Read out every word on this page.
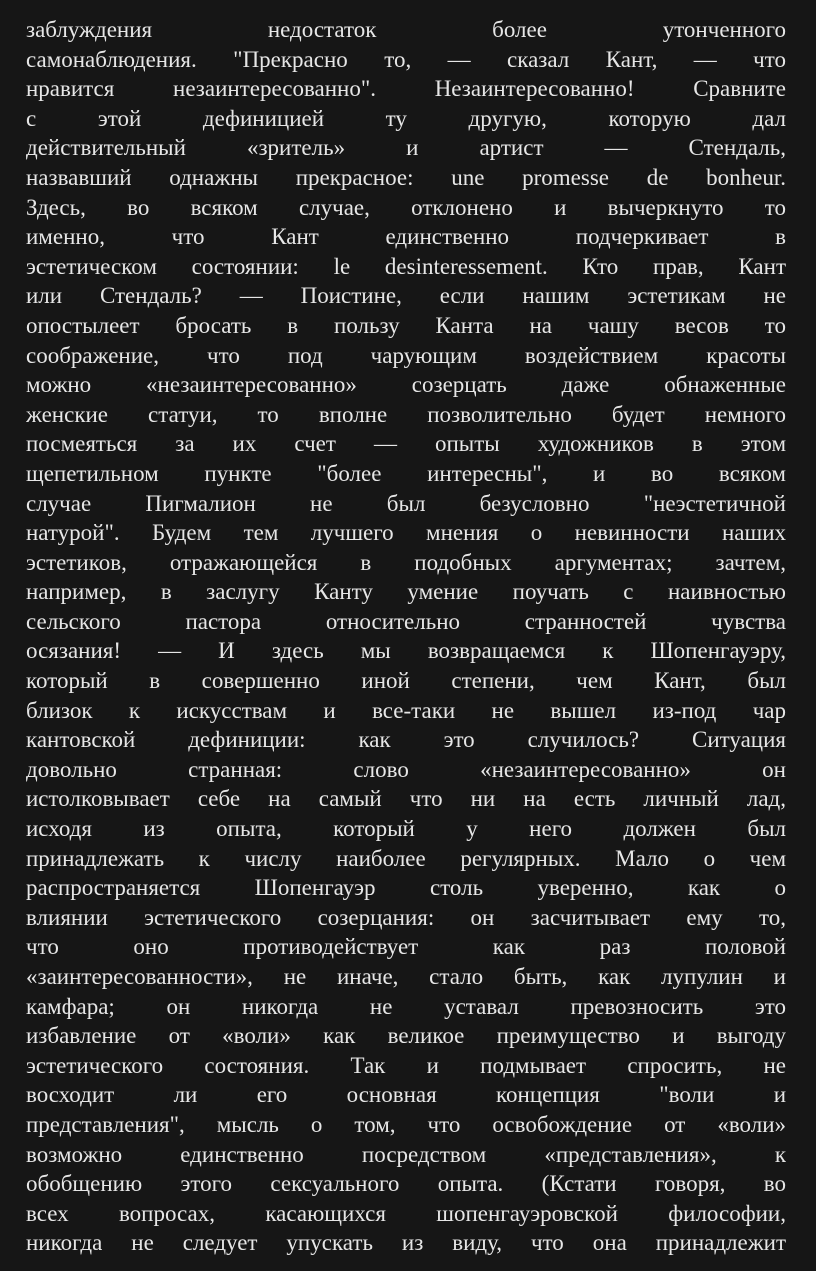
заблуждения недостаток более утонченного
самонаблюдения. "Прекрасно то, — сказал Кант, — что
нравится незаинтересованно". Незаинтересованно! Сравните
с этой дефиницией ту другую, которую дал
действительный «зритель» и артист — Стендаль,
назвавший однажны прекрасное: une promesse de bonheur.
Здесь, во всяком случае, отклонено и вычеркнуто то
именно, что Кант единственно подчеркивает в
эстетическом состоянии: le desinteressement. Кто прав, Кант
или Стендаль? — Поистине, если нашим эстетикам не
опостылеет бросать в пользу Канта на чашу весов то
соображение, что под чарующим воздействием красоты
можно «незаинтересованно» созерцать даже обнаженные
женские статуи, то вполне позволительно будет немного
посмеяться за их счет — опыты художников в этом
щепетильном пункте "более интересны", и во всяком
случае Пигмалион не был безусловно "неэстетичной
натурой". Будем тем лучшего мнения о невинности наших
эстетиков, отражающейся в подобных аргументах; зачтем,
например, в заслугу Канту умение поучать с наивностью
сельского пастора относительно странностей чувства
осязания! — И здесь мы возвращаемся к Шопенгауэру,
который в совершенно иной степени, чем Кант, был
близок к искусствам и все-таки не вышел из-под чар
кантовской дефиниции: как это случилось? Ситуация
довольно странная: слово «незаинтересованно» он
истолковывает себе на самый что ни на есть личный лад,
исходя из опыта, который у него должен был
принадлежать к числу наиболее регулярных. Мало о чем
распространяется Шопенгауэр столь уверенно, как о
влиянии эстетического созерцания: он засчитывает ему то,
что оно противодействует как раз половой
«заинтересованности», не иначе, стало быть, как лупулин и
камфара; он никогда не уставал превозносить это
избавление от «воли» как великое преимущество и выгоду
эстетического состояния. Так и подмывает спросить, не
восходит ли его основная концепция "воли и
представления", мысль о том, что освобождение от «воли»
возможно единственно посредством «представления», к
обобщению этого сексуального опыта. (Кстати говоря, во
всех вопросах, касающихся шопенгауэровской философии,
никогда не следует упускать из виду, что она принадлежит
